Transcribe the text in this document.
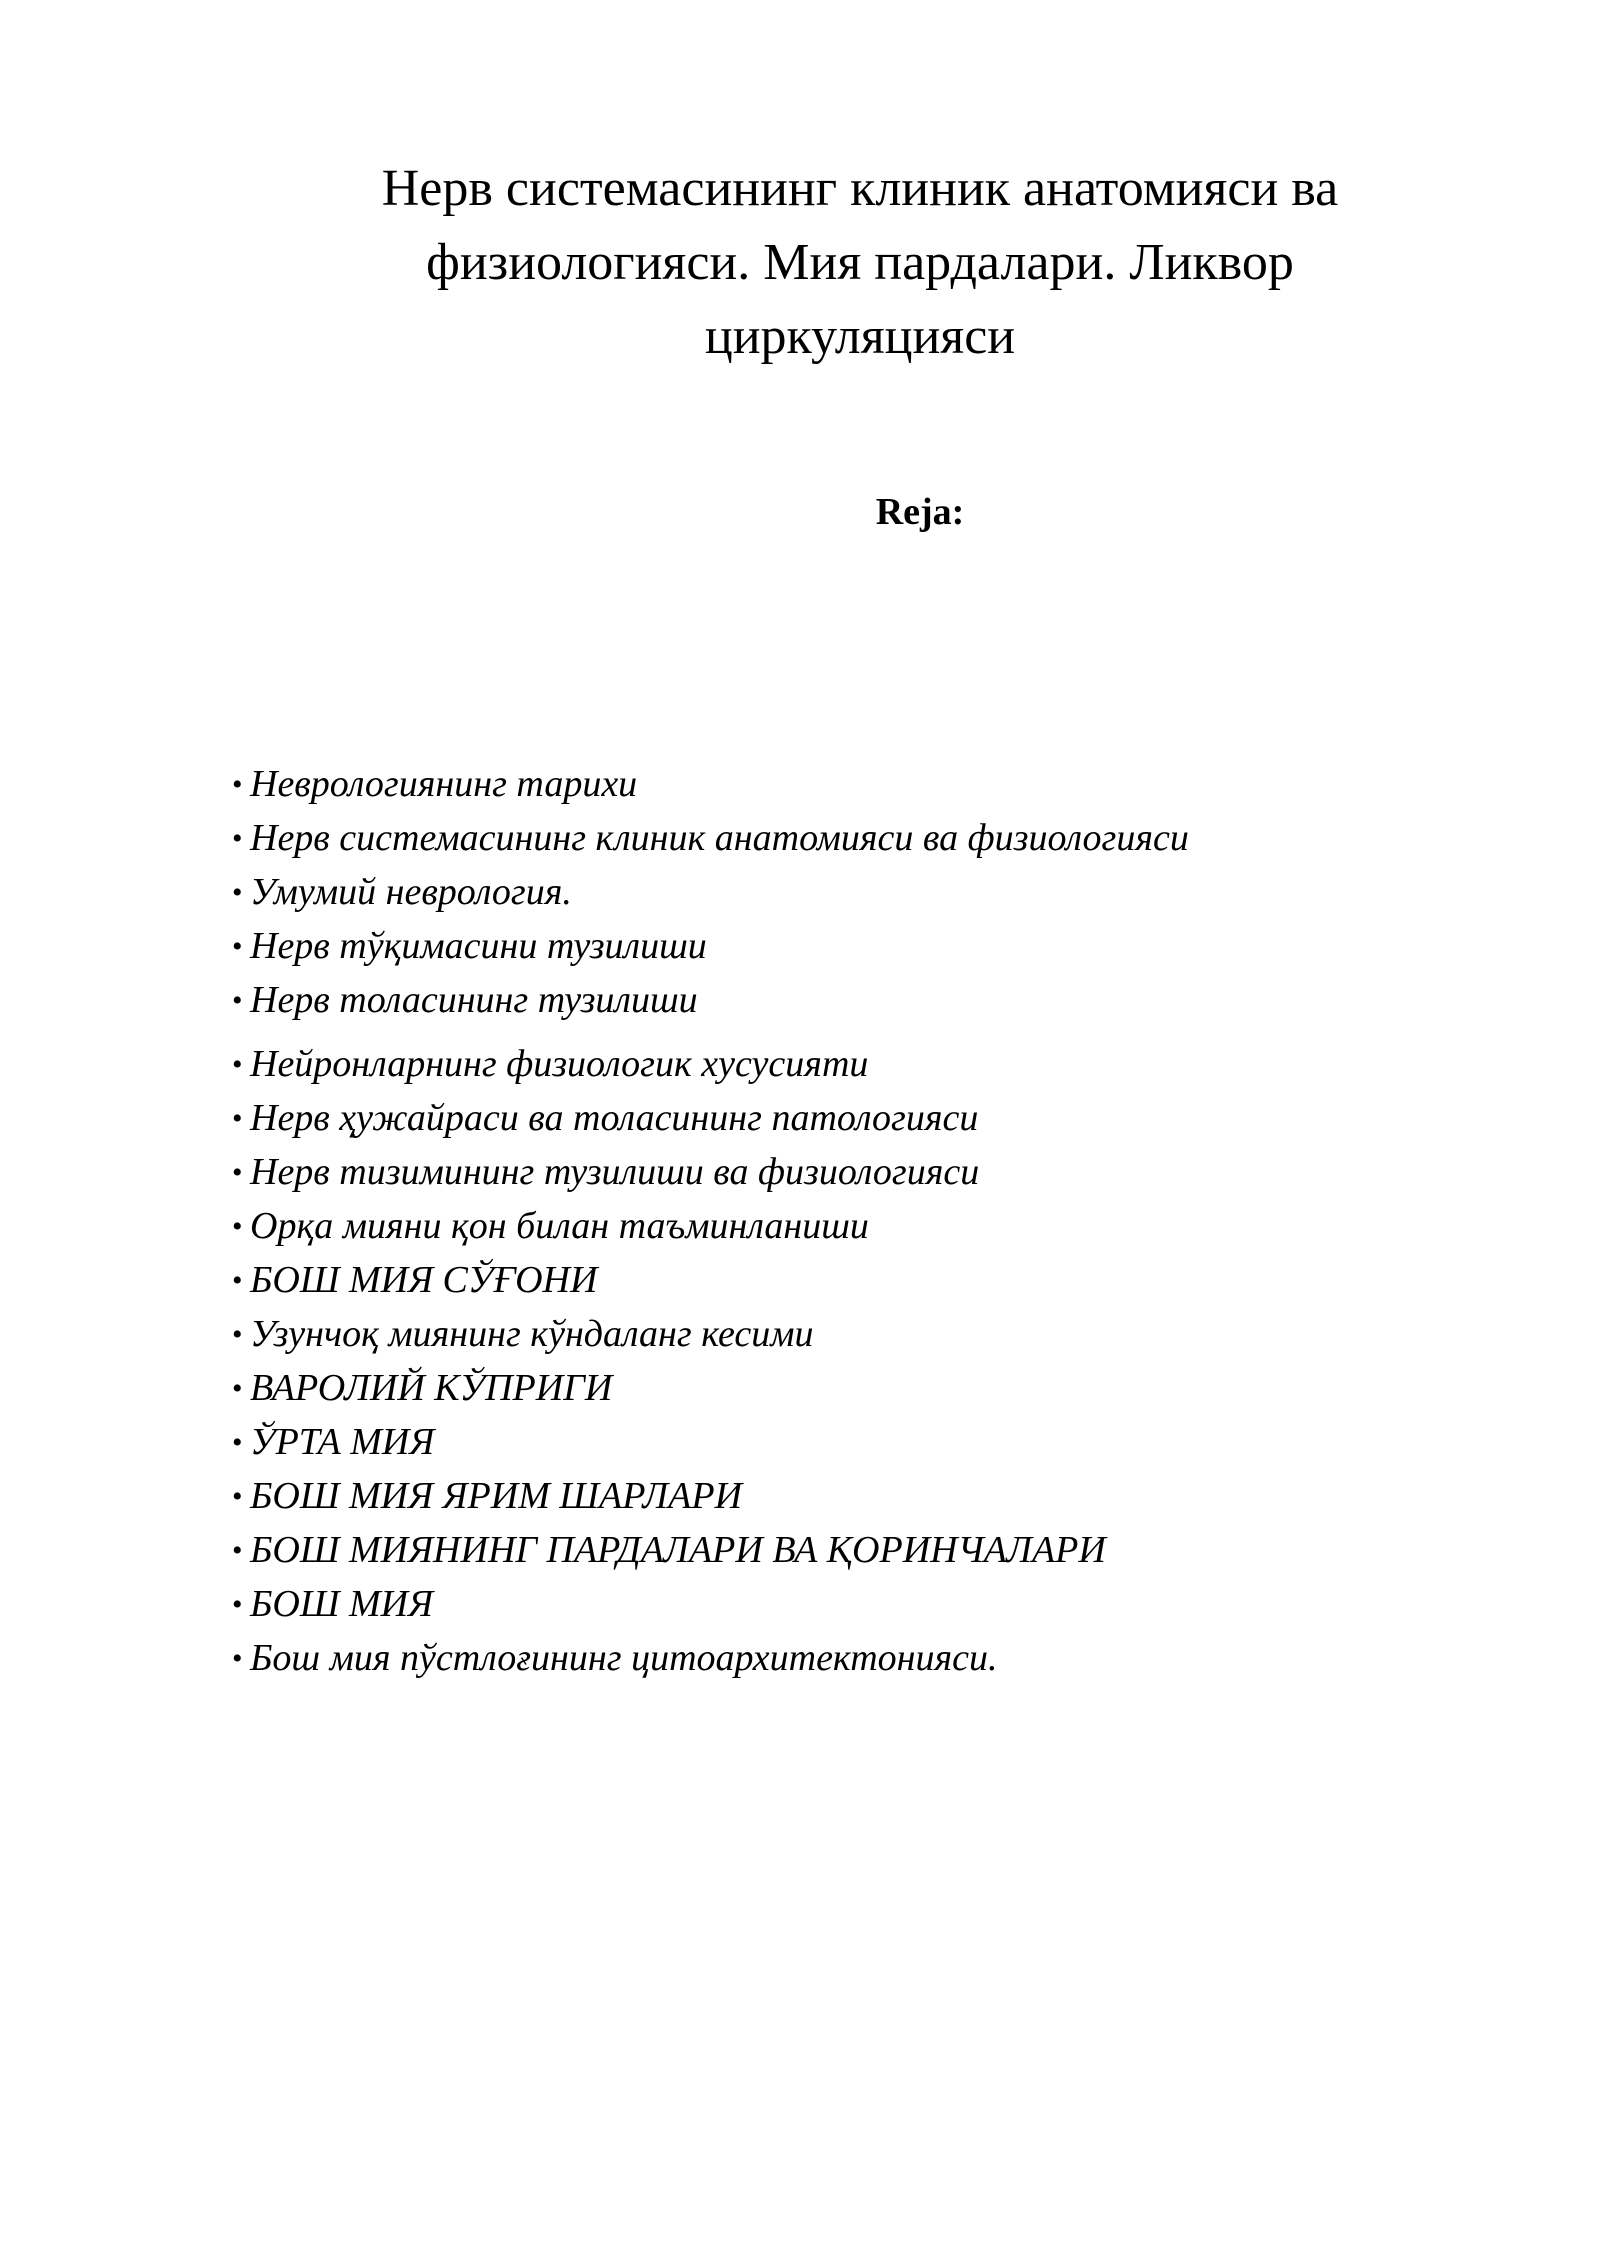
Нерв системасининг клиник анатомияси ва
физиологияси. Мия пардалари. Ликвор
циркуляцияси
Reja:
• Неврологиянинг тарихи
• Нерв системасининг клиник анатомияси ва физиологияси
• Умумий неврология.
• Нерв тўқимасини тузилиши
• Нерв толасининг тузилиши
• Нейронларнинг физиологик хусусияти
• Нерв ҳужайраси ва толасининг патологияси
• Нерв тизимининг тузилиши ва физиологияси
• Орқа мияни қон билан таъминланиши
• БОШ МИЯ СЎҒОНИ
• Узунчоқ миянинг кўндаланг кесими
• ВАРОЛИЙ КЎПРИГИ
• ЎРТА МИЯ
• БОШ МИЯ ЯРИМ ШАРЛАРИ
• БОШ МИЯНИНГ ПАРДАЛАРИ ВА ҚОРИНЧАЛАРИ
• БОШ МИЯ
• Бош мия пўстлоғининг цитоархитектонияси.
